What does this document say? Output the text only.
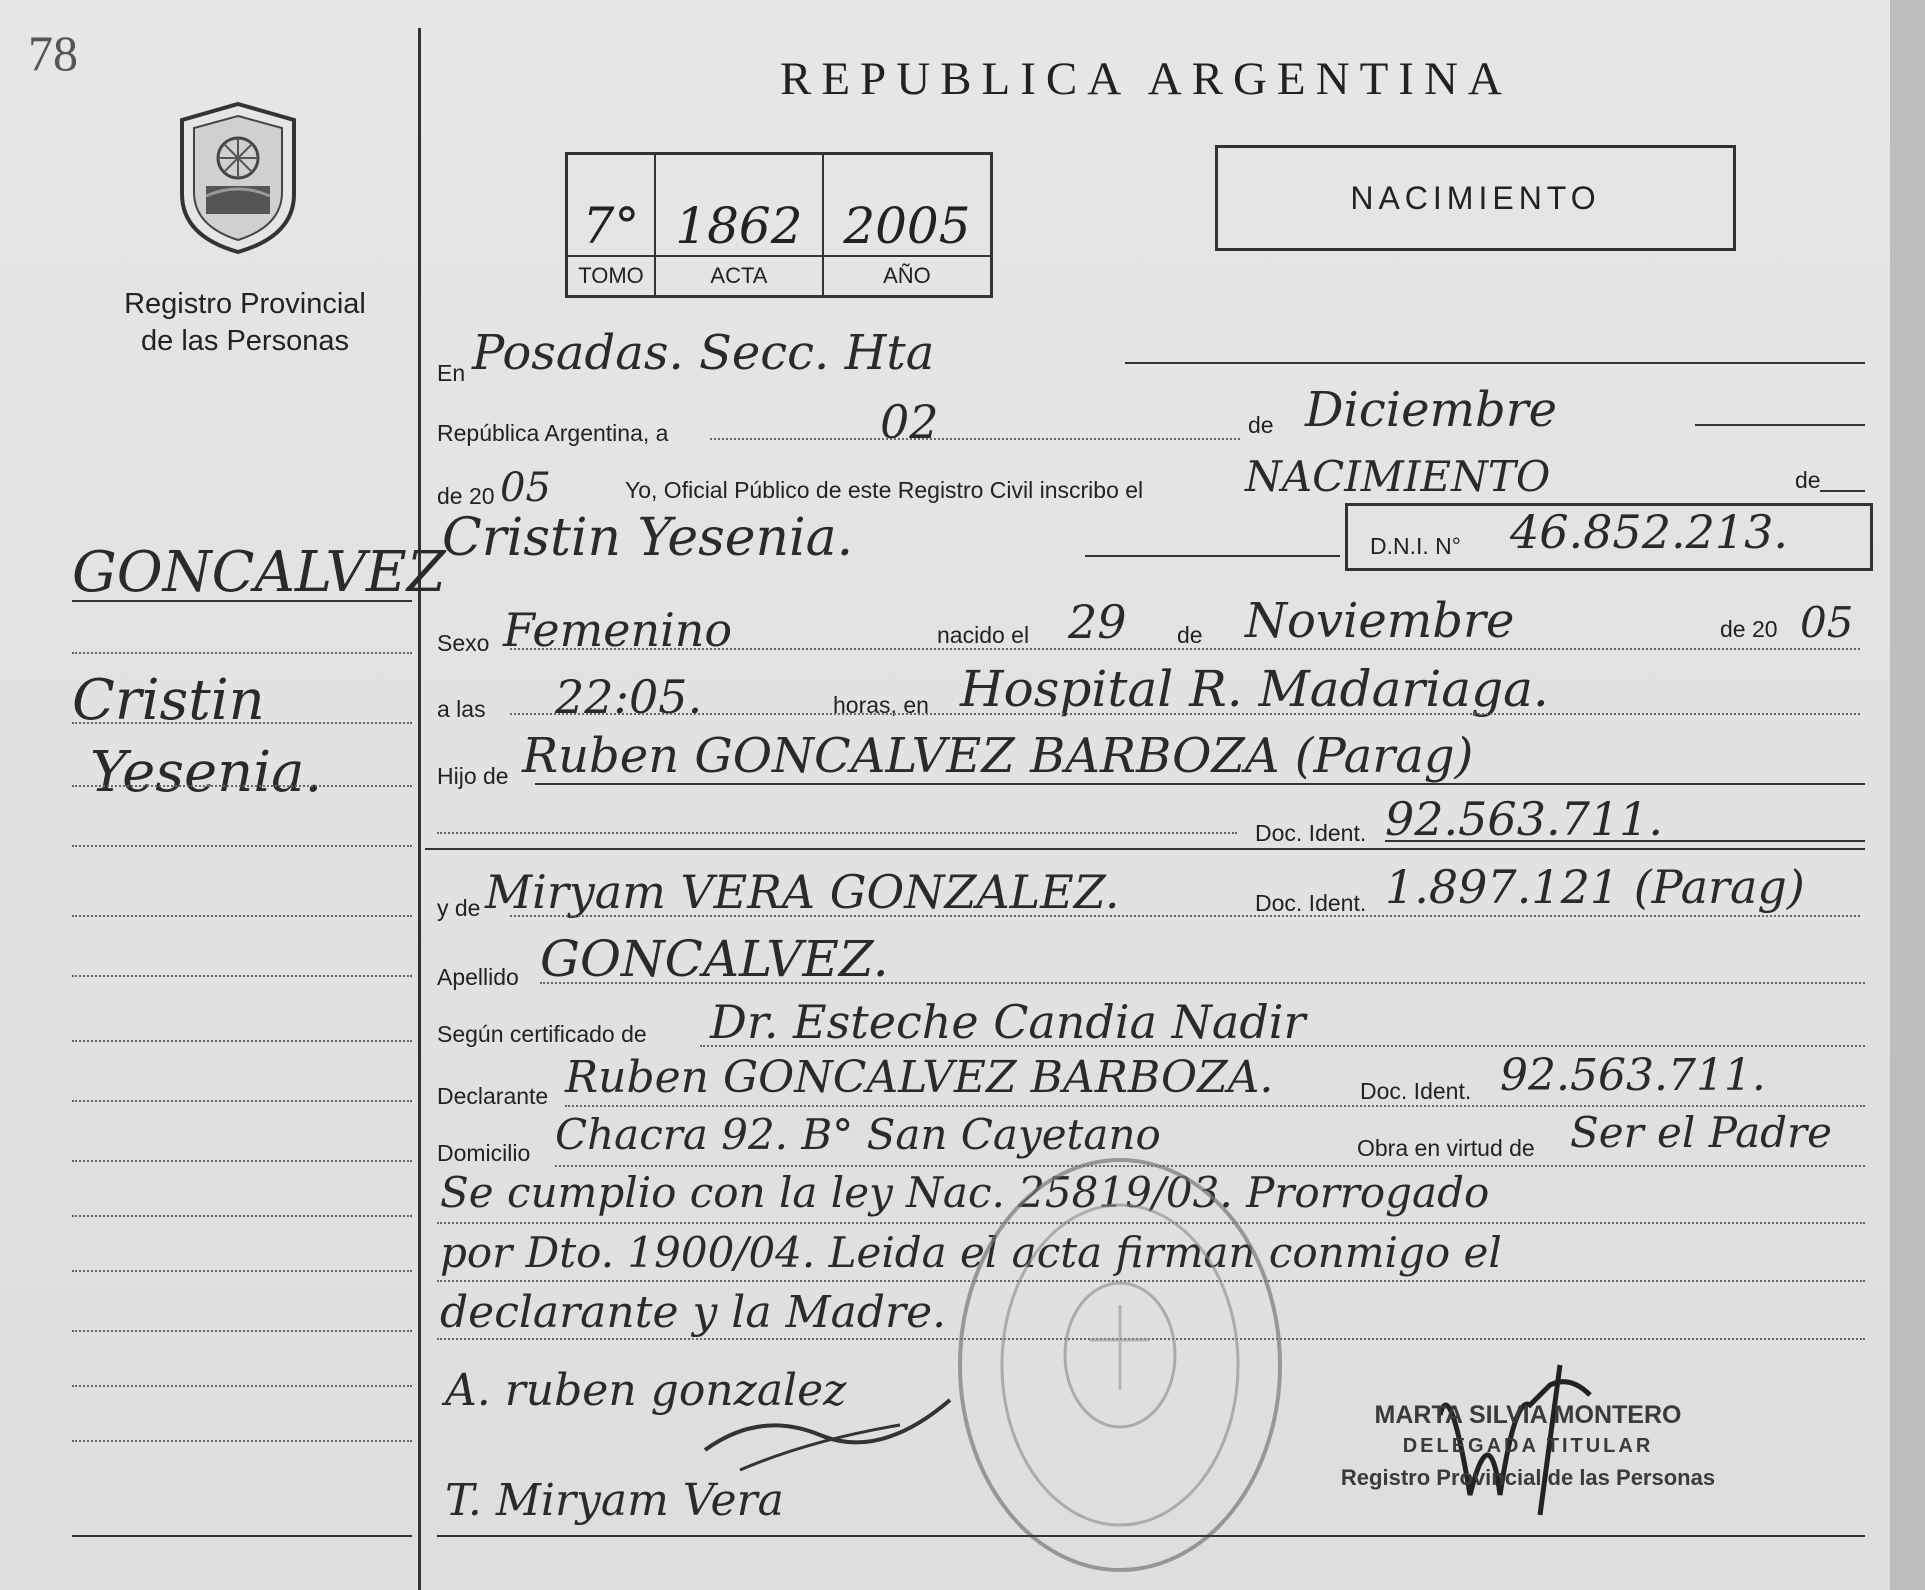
78
Registro Provincial
de las Personas
GONCALVEZ
Cristin
Yesenia.
REPUBLICA ARGENTINA
7°	1862	2005
TOMO	ACTA	AÑO
NACIMIENTO
En Posadas. Secc. Hta
República Argentina, a	02	de Diciembre
de 20 05	Yo, Oficial Público de este Registro Civil inscribo el NACIMIENTO	de
Cristin Yesenia.	D.N.I. N° 46.852.213.
Sexo Femenino	nacido el 29 de Noviembre	de 20 05
a las 22:05.	horas, en Hospital R. Madariaga.
Hijo de Ruben GONCALVEZ BARBOZA (Parag)
Doc. Ident. 92.563.711.
y de Miryam VERA GONZALEZ.	Doc. Ident. 1.897.121 (Parag)
Apellido GONCALVEZ.
Según certificado de Dr. Esteche Candia Nadir
Declarante Ruben GONCALVEZ BARBOZA.	Doc. Ident. 92.563.711.
Domicilio Chacra 92. B° San Cayetano	Obra en virtud de Ser el Padre
Se cumplio con la ley Nac. 25819/03. Prorrogado
por Dto. 1900/04. Leida el acta firman conmigo el
declarante y la Madre.
A. ruben gonzalez
T. Miryam Vera
MARTA SILVIA MONTERO
DELEGADA TITULAR
Registro Provincial de las Personas
